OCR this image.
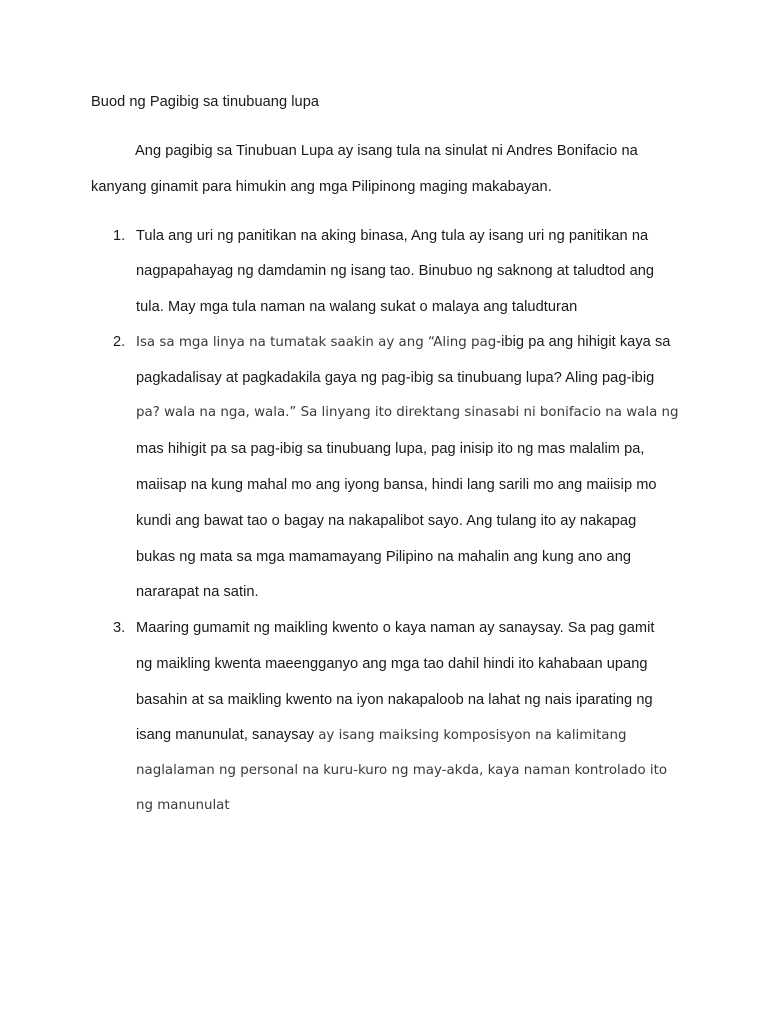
Buod ng Pagibig sa tinubuang lupa
Ang pagibig sa Tinubuan Lupa ay isang tula na sinulat ni Andres Bonifacio na
kanyang ginamit para himukin ang mga Pilipinong maging makabayan.
1. Tula ang uri ng panitikan na aking binasa, Ang tula ay isang uri ng panitikan na
nagpapahayag ng damdamin ng isang tao. Binubuo ng saknong at taludtod ang
tula. May mga tula naman na walang sukat o malaya ang taludturan
2. Isa sa mga linya na tumatak saakin ay ang “Aling pag-ibig pa ang hihigit kaya sa
pagkadalisay at pagkadakila gaya ng pag-ibig sa tinubuang lupa? Aling pag-ibig
pa? wala na nga, wala.” Sa linyang ito direktang sinasabi ni bonifacio na wala ng
mas hihigit pa sa pag-ibig sa tinubuang lupa, pag inisip ito ng mas malalim pa,
maiisap na kung mahal mo ang iyong bansa, hindi lang sarili mo ang maiisip mo
kundi ang bawat tao o bagay na nakapalibot sayo. Ang tulang ito ay nakapag
bukas ng mata sa mga mamamayang Pilipino na mahalin ang kung ano ang
nararapat na satin.
3. Maaring gumamit ng maikling kwento o kaya naman ay sanaysay. Sa pag gamit
ng maikling kwenta maeengganyo ang mga tao dahil hindi ito kahabaan upang
basahin at sa maikling kwento na iyon nakapaloob na lahat ng nais iparating ng
isang manunulat, sanaysay ay isang maiksing komposisyon na kalimitang
naglalaman ng personal na kuru-kuro ng may-akda, kaya naman kontrolado ito
ng manunulat
